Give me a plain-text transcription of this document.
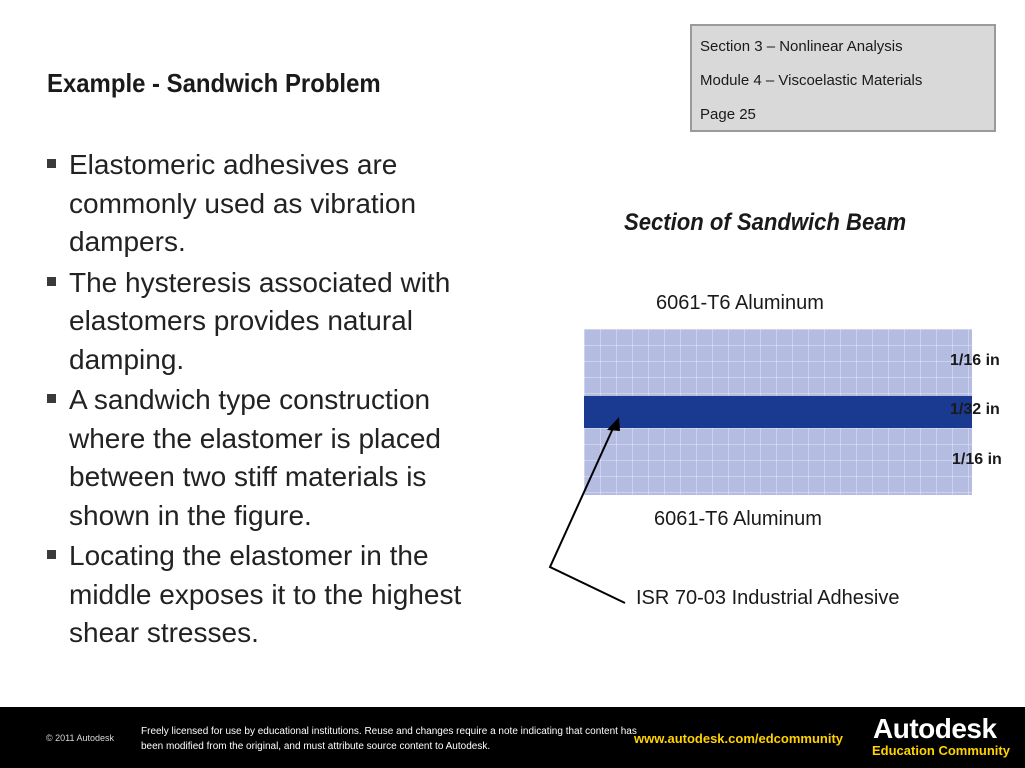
Example - Sandwich Problem
Section 3 – Nonlinear Analysis
Module 4 – Viscoelastic Materials
Page 25
Elastomeric adhesives are commonly used as vibration dampers.
The hysteresis associated with elastomers provides natural damping.
A sandwich type construction where the elastomer is placed between two stiff materials is shown in the figure.
Locating the elastomer in the middle exposes it to the highest shear stresses.
Section of Sandwich Beam
6061-T6 Aluminum
1/16 in
1/32 in
1/16 in
6061-T6 Aluminum
ISR 70-03 Industrial Adhesive
© 2011 Autodesk
Freely licensed for use by educational institutions. Reuse and changes require a note indicating that content has been modified from the original, and must attribute source content to Autodesk.
www.autodesk.com/edcommunity Autodesk
Education Community
